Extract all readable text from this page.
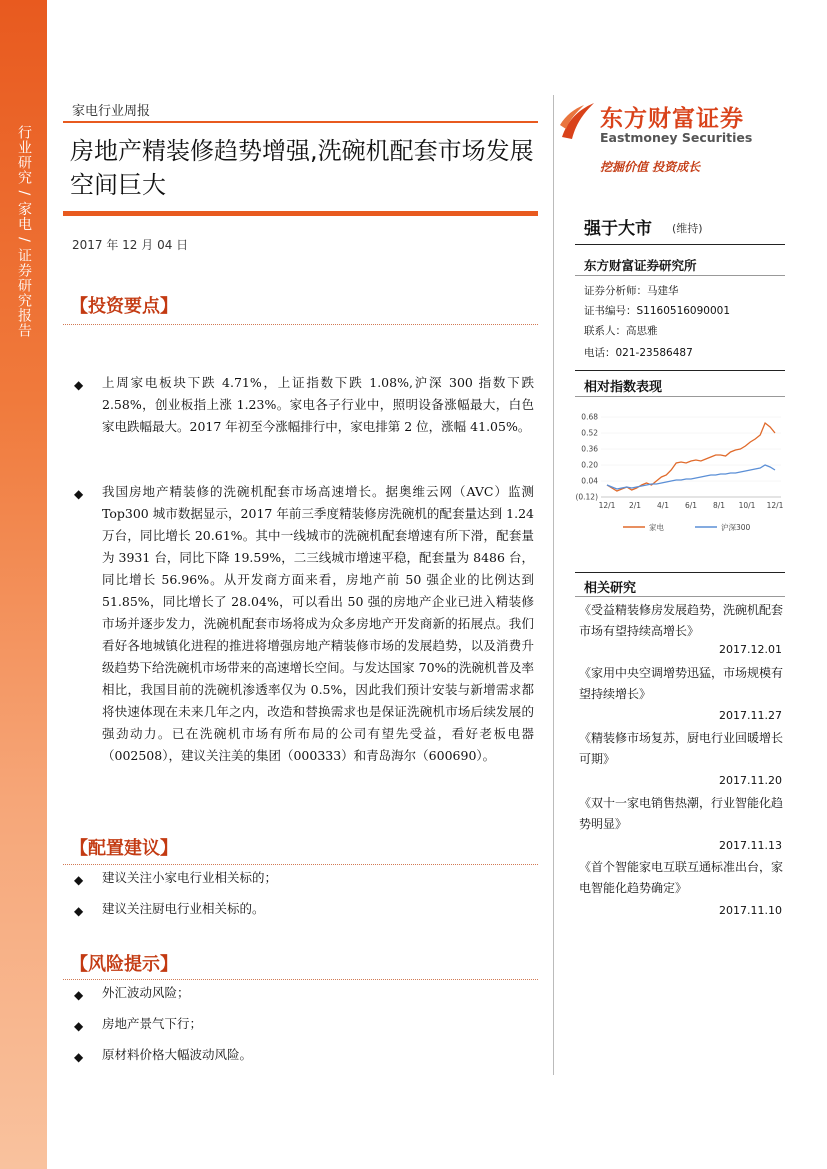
行业研究 / 家电 / 证券研究报告
家电行业周报
房地产精装修趋势增强,洗碗机配套市场发展空间巨大
2017 年 12 月 04 日
【投资要点】
◆ 上周家电板块下跌 4.71%，上证指数下跌 1.08%,沪深 300 指数下跌 2.58%，创业板指上涨 1.23%。家电各子行业中，照明设备涨幅最大，白色家电跌幅最大。2017 年初至今涨幅排行中，家电排第 2 位，涨幅 41.05%。
◆ 我国房地产精装修的洗碗机配套市场高速增长。据奥维云网（AVC）监测 Top300 城市数据显示，2017 年前三季度精装修房洗碗机的配套量达到 1.24 万台，同比增长 20.61%。其中一线城市的洗碗机配套增速有所下滑，配套量为 3931 台，同比下降 19.59%，二三线城市增速平稳，配套量为 8486 台，同比增长 56.96%。从开发商方面来看，房地产前 50 强企业的比例达到 51.85%，同比增长了 28.04%，可以看出 50 强的房地产企业已进入精装修市场并逐步发力，洗碗机配套市场将成为众多房地产开发商新的拓展点。我们看好各地城镇化进程的推进将增强房地产精装修市场的发展趋势，以及消费升级趋势下给洗碗机市场带来的高速增长空间。与发达国家 70%的洗碗机普及率相比，我国目前的洗碗机渗透率仅为 0.5%，因此我们预计安装与新增需求都将快速体现在未来几年之内，改造和替换需求也是保证洗碗机市场后续发展的强劲动力。已在洗碗机市场有所布局的公司有望先受益，看好老板电器（002508），建议关注美的集团（000333）和青岛海尔（600690）。
【配置建议】
◆ 建议关注小家电行业相关标的；
◆ 建议关注厨电行业相关标的。
【风险提示】
◆ 外汇波动风险；
◆ 房地产景气下行；
◆ 原材料价格大幅波动风险。
东方财富证券
Eastmoney Securities
挖掘价值 投资成长
强于大市 (维持)
东方财富证券研究所
证券分析师：马建华
证书编号：S1160516090001
联系人：高思雅
电话：021-23586487
相对指数表现
0.68
0.52
0.36
0.20
0.04
(0.12)
12/1 2/1 4/1 6/1 8/1 10/1 12/1
家电	沪深300
相关研究
《受益精装修房发展趋势，洗碗机配套市场有望持续高增长》
2017.12.01
《家用中央空调增势迅猛，市场规模有望持续增长》
2017.11.27
《精装修市场复苏，厨电行业回暖增长可期》
2017.11.20
《双十一家电销售热潮，行业智能化趋势明显》
2017.11.13
《首个智能家电互联互通标准出台，家电智能化趋势确定》
2017.11.10
